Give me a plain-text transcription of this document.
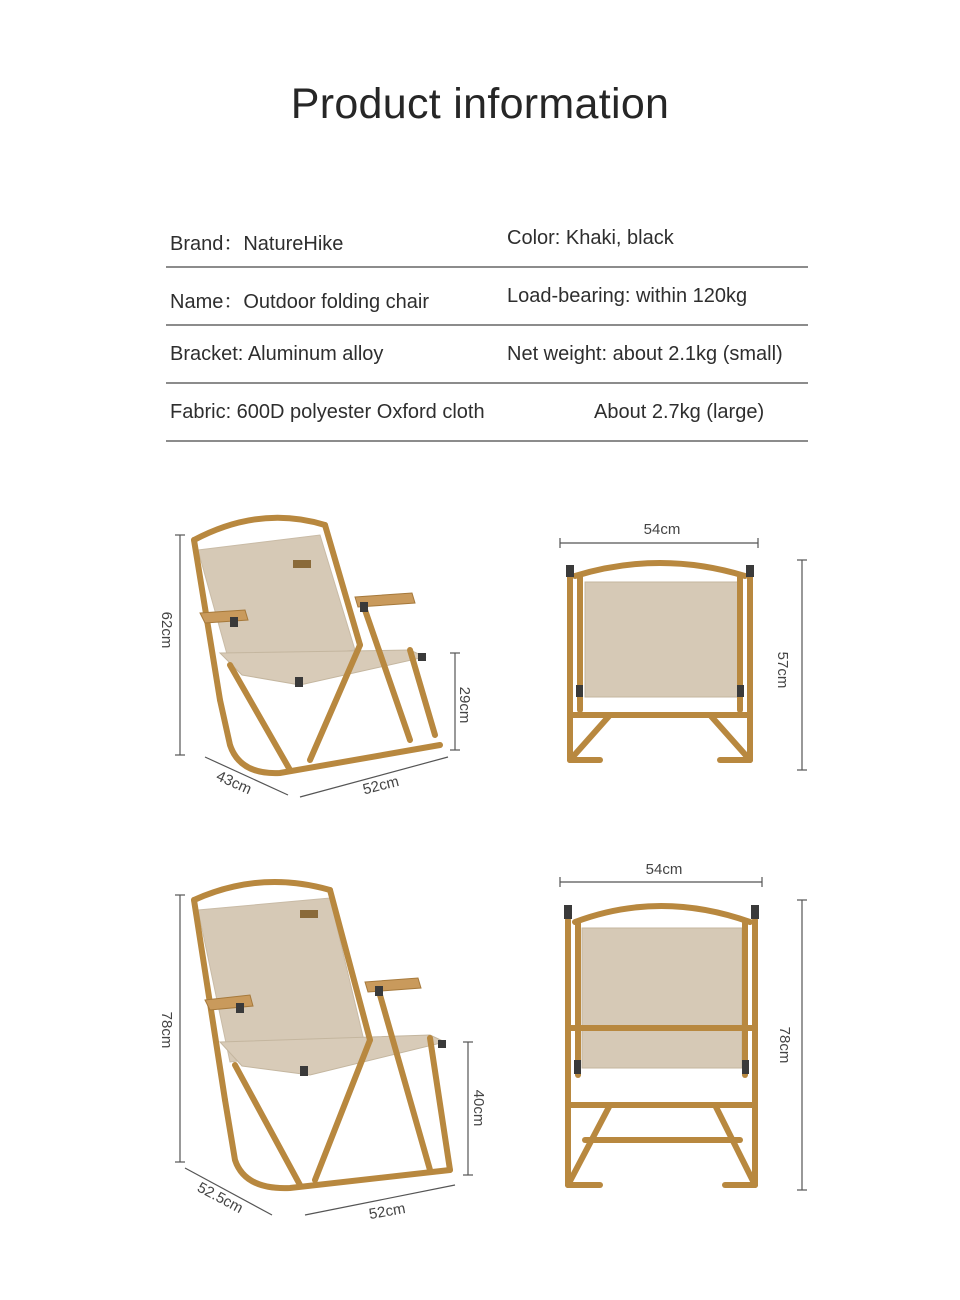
Product information
Brand：NatureHike	Color: Khaki, black
Name：Outdoor folding chair	Load-bearing: within 120kg
Bracket: Aluminum alloy	Net weight: about 2.1kg (small)
Fabric: 600D polyester Oxford cloth	About 2.7kg (large)
62cm
29cm
43cm	52cm
54cm
57cm
78cm
40cm
52.5cm	52cm
54cm
78cm
